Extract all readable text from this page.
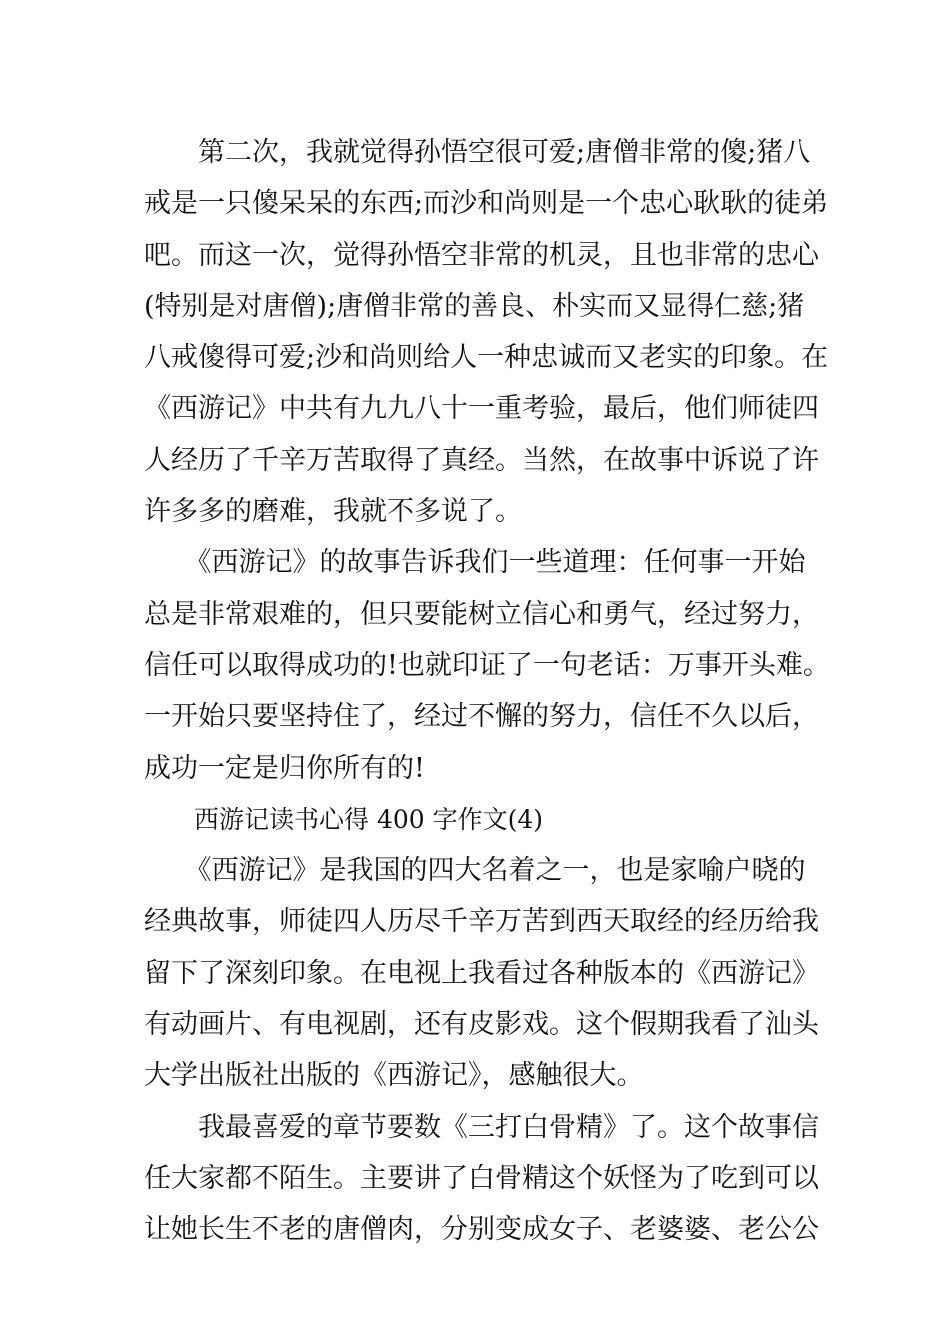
　　第二次，我就觉得孙悟空很可爱;唐僧非常的傻;猪八
戒是一只傻呆呆的东西;而沙和尚则是一个忠心耿耿的徒弟
吧。而这一次，觉得孙悟空非常的机灵，且也非常的忠心
(特别是对唐僧);唐僧非常的善良、朴实而又显得仁慈;猪
八戒傻得可爱;沙和尚则给人一种忠诚而又老实的印象。在
《西游记》中共有九九八十一重考验，最后，他们师徒四
人经历了千辛万苦取得了真经。当然，在故事中诉说了许
许多多的磨难，我就不多说了。
　　《西游记》的故事告诉我们一些道理：任何事一开始
总是非常艰难的，但只要能树立信心和勇气，经过努力，
信任可以取得成功的!也就印证了一句老话：万事开头难。
一开始只要坚持住了，经过不懈的努力，信任不久以后，
成功一定是归你所有的!
　　西游记读书心得 400 字作文(4)
　　《西游记》是我国的四大名着之一，也是家喻户晓的
经典故事，师徒四人历尽千辛万苦到西天取经的经历给我
留下了深刻印象。在电视上我看过各种版本的《西游记》
有动画片、有电视剧，还有皮影戏。这个假期我看了汕头
大学出版社出版的《西游记》，感触很大。
　　我最喜爱的章节要数《三打白骨精》了。这个故事信
任大家都不陌生。主要讲了白骨精这个妖怪为了吃到可以
让她长生不老的唐僧肉，分别变成女子、老婆婆、老公公
